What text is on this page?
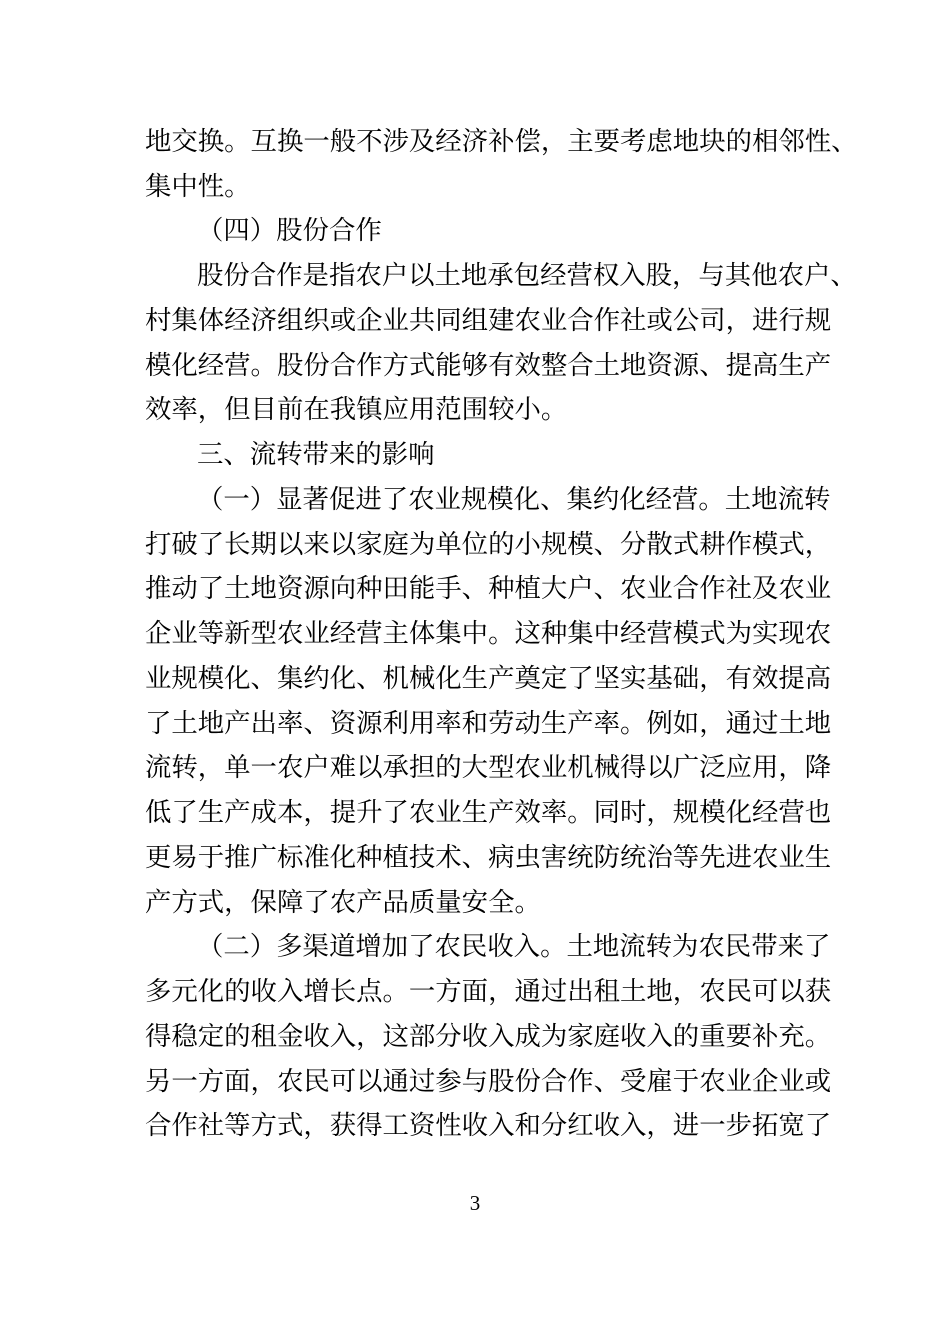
地交换。互换一般不涉及经济补偿，主要考虑地块的相邻性、
集中性。
（四）股份合作
股份合作是指农户以土地承包经营权入股，与其他农户、
村集体经济组织或企业共同组建农业合作社或公司，进行规
模化经营。股份合作方式能够有效整合土地资源、提高生产
效率，但目前在我镇应用范围较小。
三、流转带来的影响
（一）显著促进了农业规模化、集约化经营。土地流转
打破了长期以来以家庭为单位的小规模、分散式耕作模式，
推动了土地资源向种田能手、种植大户、农业合作社及农业
企业等新型农业经营主体集中。这种集中经营模式为实现农
业规模化、集约化、机械化生产奠定了坚实基础，有效提高
了土地产出率、资源利用率和劳动生产率。例如，通过土地
流转，单一农户难以承担的大型农业机械得以广泛应用，降
低了生产成本，提升了农业生产效率。同时，规模化经营也
更易于推广标准化种植技术、病虫害统防统治等先进农业生
产方式，保障了农产品质量安全。
（二）多渠道增加了农民收入。土地流转为农民带来了
多元化的收入增长点。一方面，通过出租土地，农民可以获
得稳定的租金收入，这部分收入成为家庭收入的重要补充。
另一方面，农民可以通过参与股份合作、受雇于农业企业或
合作社等方式，获得工资性收入和分红收入，进一步拓宽了
3
